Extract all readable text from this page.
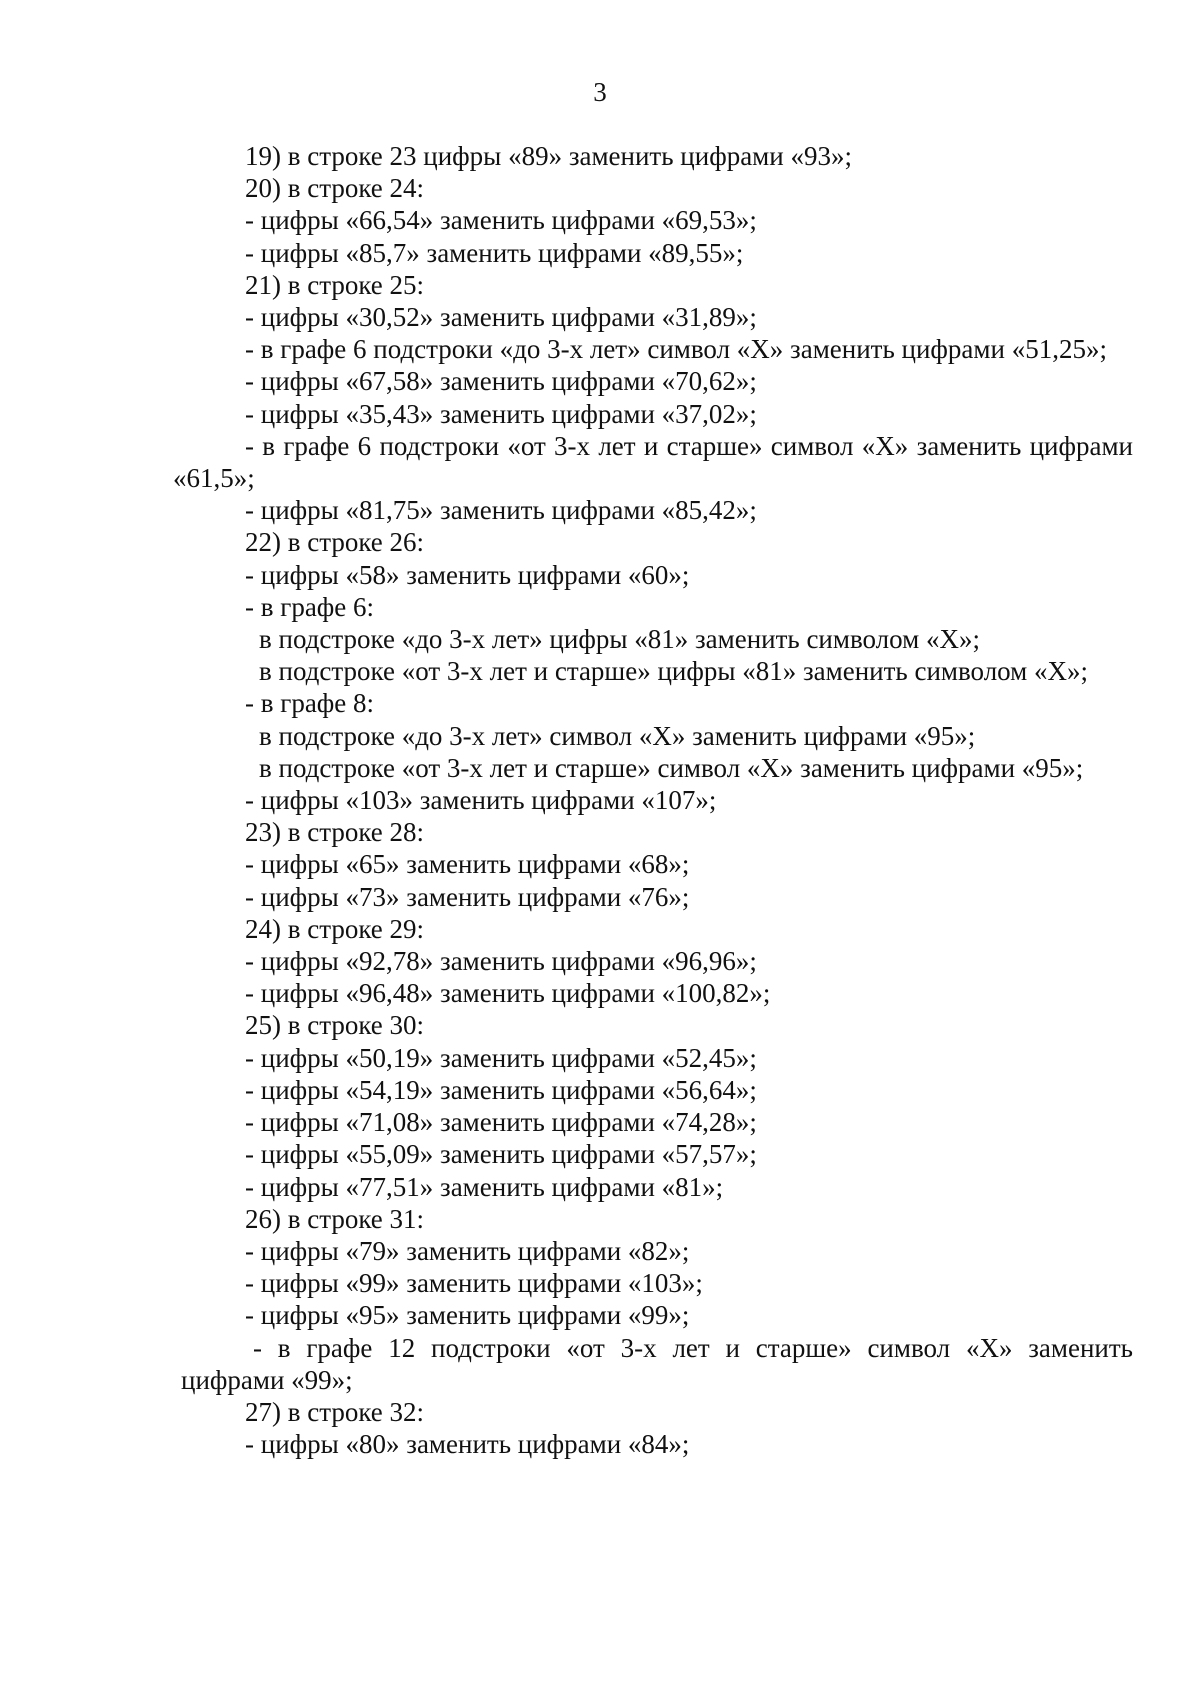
3
19) в строке 23 цифры «89» заменить цифрами «93»;
20) в строке 24:
- цифры «66,54» заменить цифрами «69,53»;
- цифры «85,7» заменить цифрами «89,55»;
21) в строке 25:
- цифры «30,52» заменить цифрами «31,89»;
- в графе 6 подстроки «до 3-х лет» символ «X» заменить цифрами «51,25»;
- цифры «67,58» заменить цифрами «70,62»;
- цифры «35,43» заменить цифрами «37,02»;
- в графе 6 подстроки «от 3-х лет и старше» символ «X» заменить цифрами «61,5»;
- цифры «81,75» заменить цифрами «85,42»;
22) в строке 26:
- цифры «58» заменить цифрами «60»;
- в графе 6:
в подстроке «до 3-х лет» цифры «81» заменить символом «X»;
в подстроке «от 3-х лет и старше» цифры «81» заменить символом «X»;
- в графе 8:
в подстроке «до 3-х лет» символ «X» заменить цифрами «95»;
в подстроке «от 3-х лет и старше» символ «X» заменить цифрами «95»;
- цифры «103» заменить цифрами «107»;
23) в строке 28:
- цифры «65» заменить цифрами «68»;
- цифры «73» заменить цифрами «76»;
24) в строке 29:
- цифры «92,78» заменить цифрами «96,96»;
- цифры «96,48» заменить цифрами «100,82»;
25) в строке 30:
- цифры «50,19» заменить цифрами «52,45»;
- цифры «54,19» заменить цифрами «56,64»;
- цифры «71,08» заменить цифрами «74,28»;
- цифры «55,09» заменить цифрами «57,57»;
- цифры «77,51» заменить цифрами «81»;
26) в строке 31:
- цифры «79» заменить цифрами «82»;
- цифры «99» заменить цифрами «103»;
- цифры «95» заменить цифрами «99»;
- в графе 12 подстроки «от 3-х лет и старше» символ «X» заменить цифрами «99»;
27) в строке 32:
- цифры «80» заменить цифрами «84»;
